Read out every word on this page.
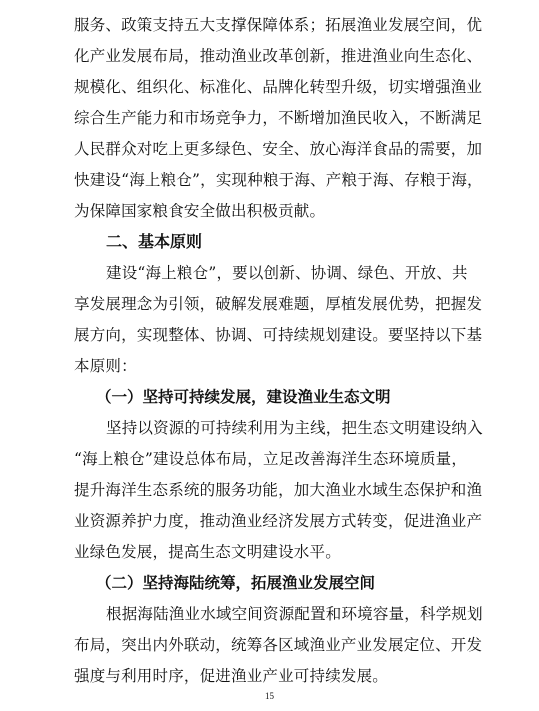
服务、政策支持五大支撑保障体系；拓展渔业发展空间，优
化产业发展布局，推动渔业改革创新，推进渔业向生态化、
规模化、组织化、标准化、品牌化转型升级，切实增强渔业
综合生产能力和市场竞争力，不断增加渔民收入，不断满足
人民群众对吃上更多绿色、安全、放心海洋食品的需要，加
快建设“海上粮仓”，实现种粮于海、产粮于海、存粮于海，
为保障国家粮食安全做出积极贡献。
二、基本原则
建设“海上粮仓”，要以创新、协调、绿色、开放、共
享发展理念为引领，破解发展难题，厚植发展优势，把握发
展方向，实现整体、协调、可持续规划建设。要坚持以下基
本原则：
（一）坚持可持续发展，建设渔业生态文明
坚持以资源的可持续利用为主线，把生态文明建设纳入
“海上粮仓”建设总体布局，立足改善海洋生态环境质量，
提升海洋生态系统的服务功能，加大渔业水域生态保护和渔
业资源养护力度，推动渔业经济发展方式转变，促进渔业产
业绿色发展，提高生态文明建设水平。
（二）坚持海陆统筹，拓展渔业发展空间
根据海陆渔业水域空间资源配置和环境容量，科学规划
布局，突出内外联动，统筹各区域渔业产业发展定位、开发
强度与利用时序，促进渔业产业可持续发展。
15
